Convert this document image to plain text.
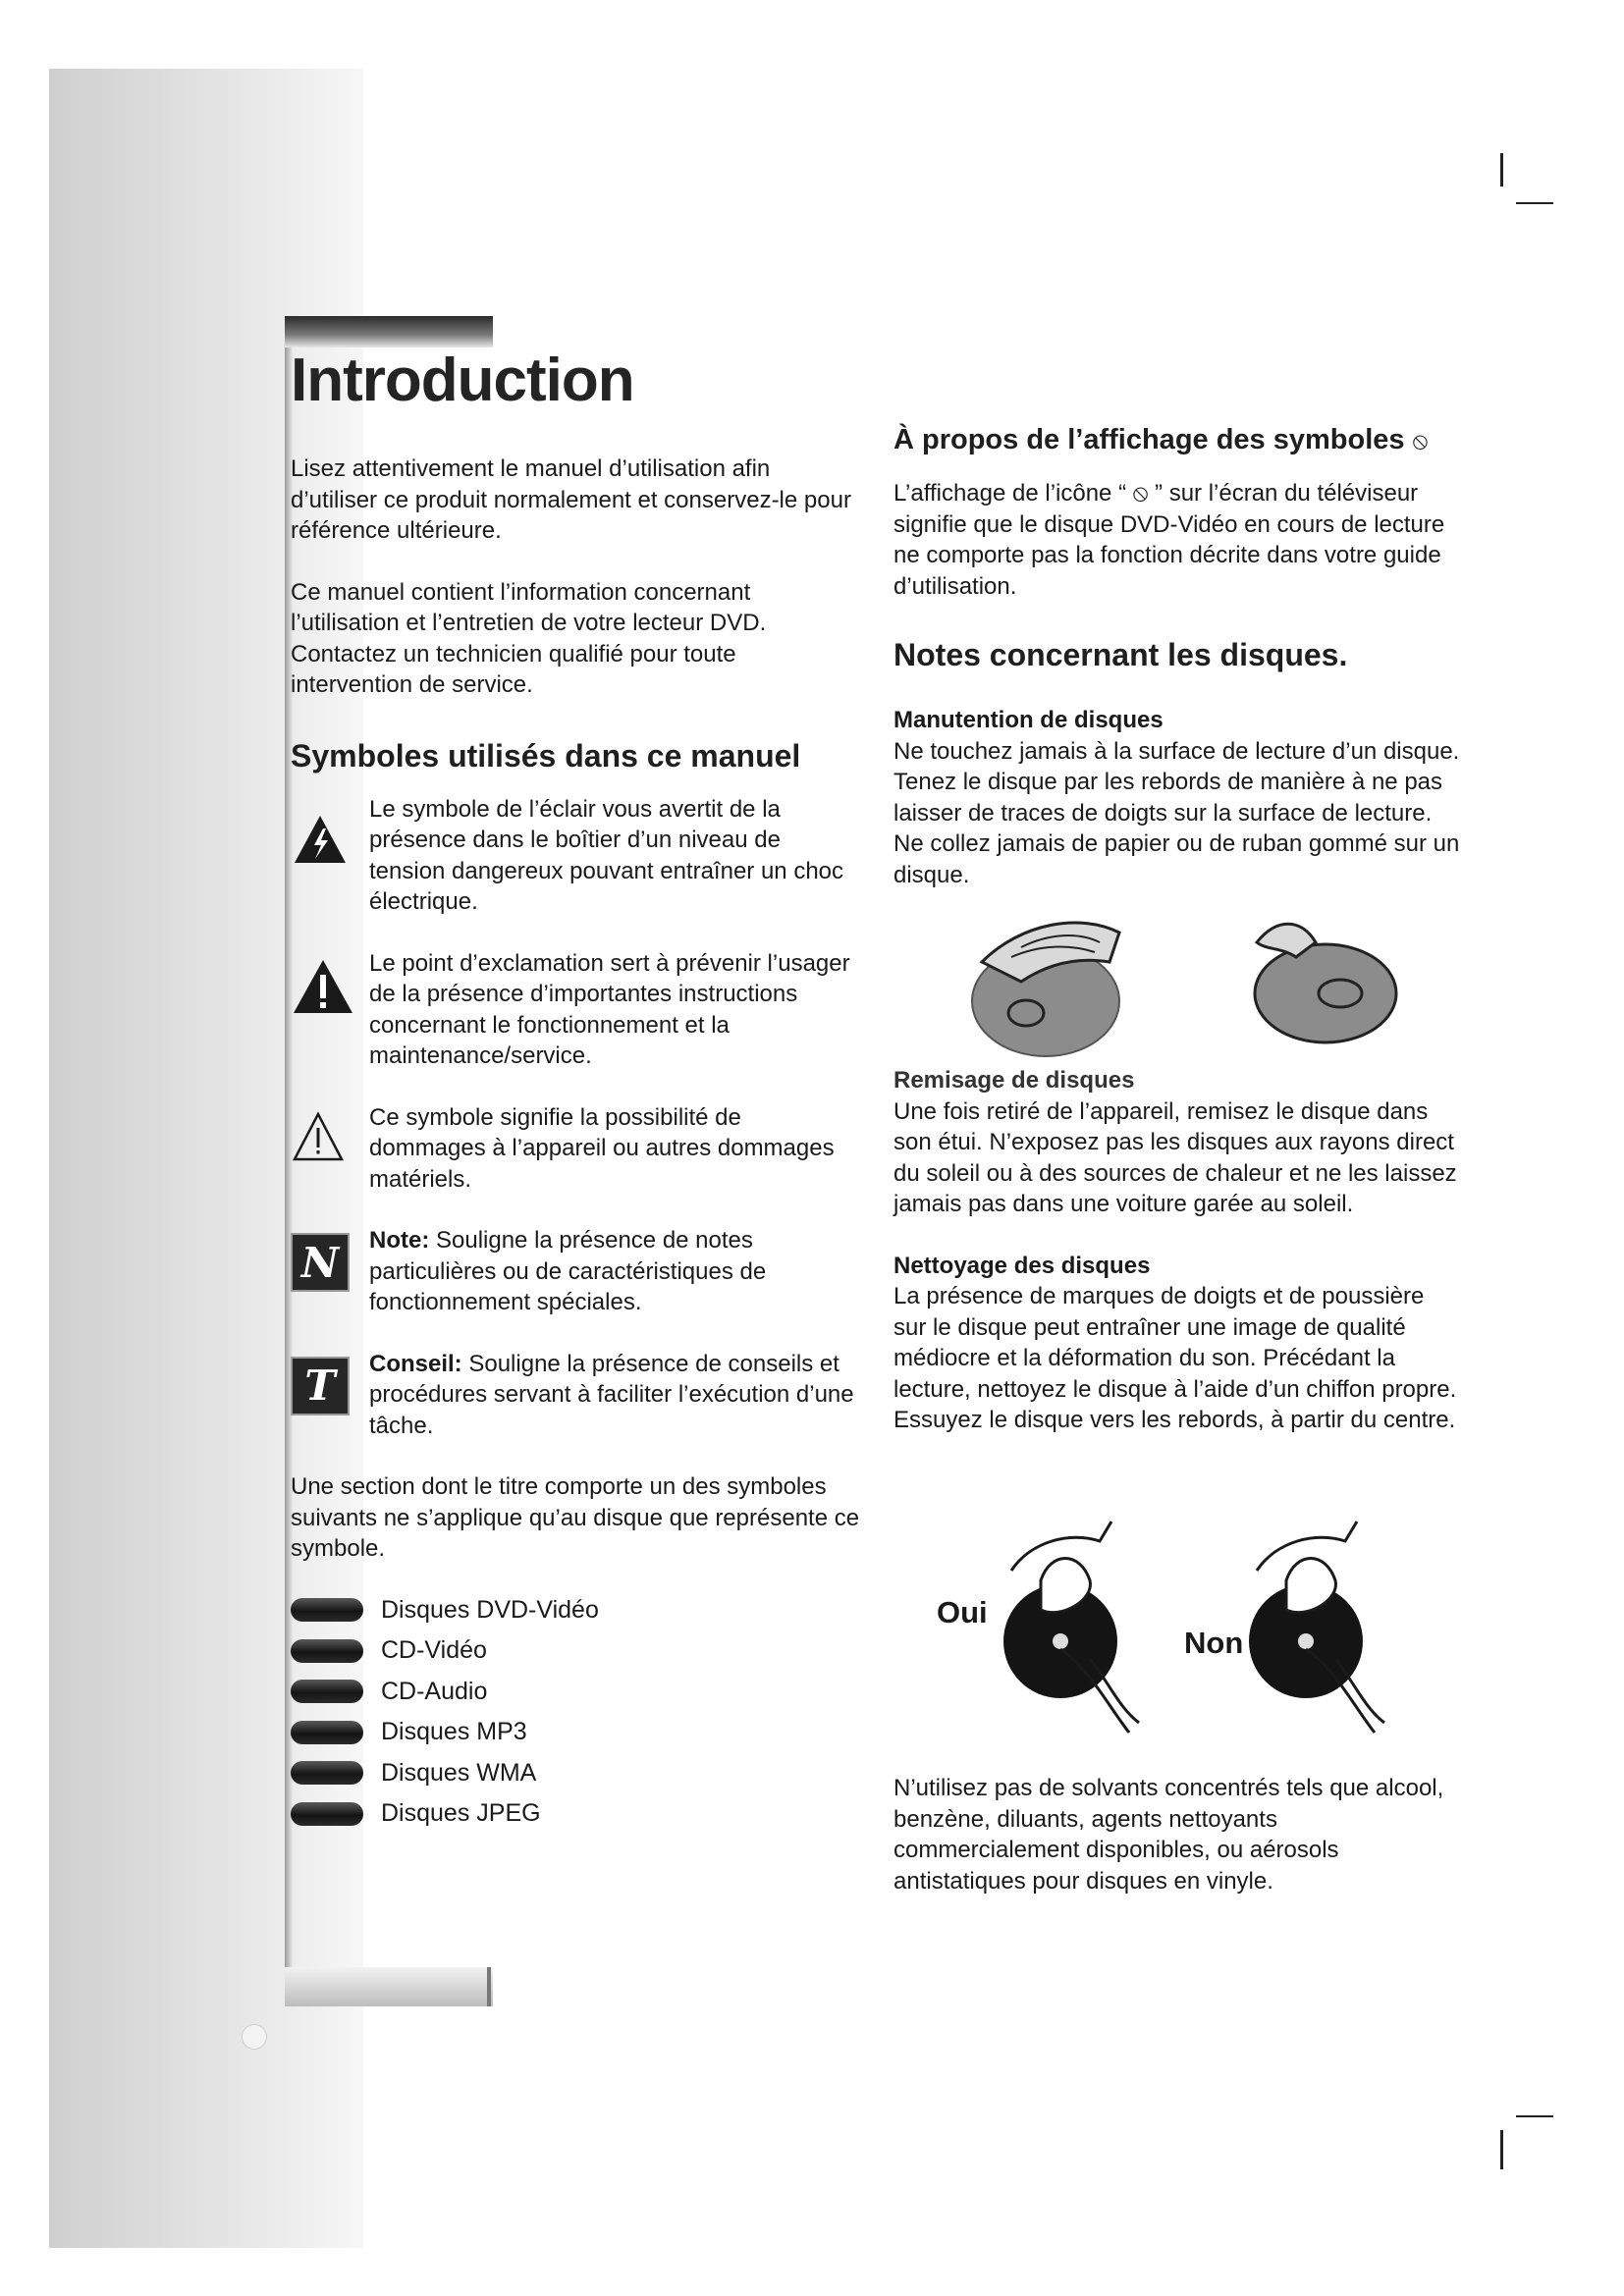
Introduction

Lisez attentivement le manuel d’utilisation afin d’utiliser ce produit normalement et conservez-le pour référence ultérieure.

Ce manuel contient l’information concernant l’utilisation et l’entretien de votre lecteur DVD. Contactez un technicien qualifié pour toute intervention de service.

Symboles utilisés dans ce manuel

Le symbole de l’éclair vous avertit de la présence dans le boîtier d’un niveau de tension dangereux pouvant entraîner un choc électrique.

Le point d’exclamation sert à prévenir l’usager de la présence d’importantes instructions concernant le fonctionnement et la maintenance/service.

Ce symbole signifie la possibilité de dommages à l’appareil ou autres dommages matériels.

N	Note: Souligne la présence de notes particulières ou de caractéristiques de fonctionnement spéciales.

T	Conseil: Souligne la présence de conseils et procédures servant à faciliter l’exécution d’une tâche.

Une section dont le titre comporte un des symboles suivants ne s’applique qu’au disque que représente ce symbole.

Disques DVD-Vidéo
CD-Vidéo
CD-Audio
Disques MP3
Disques WMA
Disques JPEG
À propos de l’affichage des symboles ⦸

L’affichage de l’icône “ ⦸ ” sur l’écran du téléviseur signifie que le disque DVD-Vidéo en cours de lecture ne comporte pas la fonction décrite dans votre guide d’utilisation.

Notes concernant les disques.
Manutention de disques

Ne touchez jamais à la surface de lecture d’un disque. Tenez le disque par les rebords de manière à ne pas laisser de traces de doigts sur la surface de lecture. Ne collez jamais de papier ou de ruban gommé sur un disque.

Remisage de disques

Une fois retiré de l’appareil, remisez le disque dans son étui. N’exposez pas les disques aux rayons direct du soleil ou à des sources de chaleur et ne les laissez jamais pas dans une voiture garée au soleil.

Nettoyage des disques

La présence de marques de doigts et de poussière sur le disque peut entraîner une image de qualité médiocre et la déformation du son. Précédant la lecture, nettoyez le disque à l’aide d’un chiffon propre. Essuyez le disque vers les rebords, à partir du centre.

Oui
Non

N’utilisez pas de solvants concentrés tels que alcool, benzène, diluants, agents nettoyants commercialement disponibles, ou aérosols antistatiques pour disques en vinyle.
